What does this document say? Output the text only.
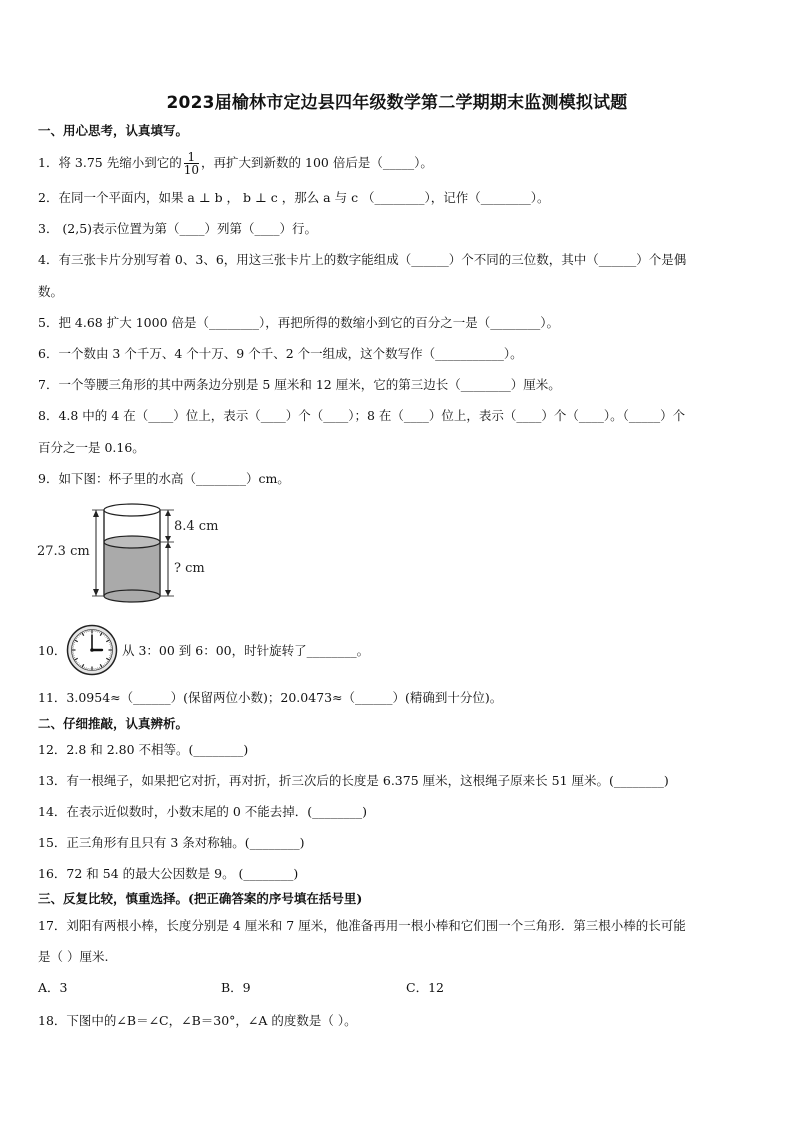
2023届榆林市定边县四年级数学第二学期期末监测模拟试题
一、用心思考，认真填写。
1．将 3.75 先缩小到它的 $\frac{1}{10}$ ，再扩大到新数的 100 倍后是（_____）。
2．在同一个平面内，如果 a ⊥ b ， b ⊥ c ，那么 a 与 c （________），记作（________）。
3． (2,5)表示位置为第（____）列第（____）行。
4．有三张卡片分别写着 0、3、6，用这三张卡片上的数字能组成（______）个不同的三位数，其中（______）个是偶
数。
5．把 4.68 扩大 1000 倍是（________），再把所得的数缩小到它的百分之一是（________）。
6．一个数由 3 个千万、4 个十万、9 个千、2 个一组成，这个数写作（___________）。
7．一个等腰三角形的其中两条边分别是 5 厘米和 12 厘米，它的第三边长（________）厘米。
8．4.8 中的 4 在（____）位上，表示（____）个（____）；8 在（____）位上，表示（____）个（____）。（_____）个
百分之一是 0.16。
9．如下图：杯子里的水高（________）cm。
27.3 cm
8.4 cm
? cm
10．	从 3：00 到 6：00，时针旋转了________。
11．3.0954≈（______）(保留两位小数)；20.0473≈（______）(精确到十分位)。
二、仔细推敲，认真辨析。
12．2.8 和 2.80 不相等。(________)
13．有一根绳子，如果把它对折，再对折，折三次后的长度是 6.375 厘米，这根绳子原来长 51 厘米。(________)
14．在表示近似数时，小数末尾的 0 不能去掉．(________)
15．正三角形有且只有 3 条对称轴。(________)
16．72 和 54 的最大公因数是 9。 (________)
三、反复比较，慎重选择。(把正确答案的序号填在括号里)
17．刘阳有两根小棒，长度分别是 4 厘米和 7 厘米，他准备再用一根小棒和它们围一个三角形．第三根小棒的长可能
是（ ）厘米.
A．3	B．9	C．12
18．下图中的∠B＝∠C，∠B＝30°，∠A 的度数是（ ）。
